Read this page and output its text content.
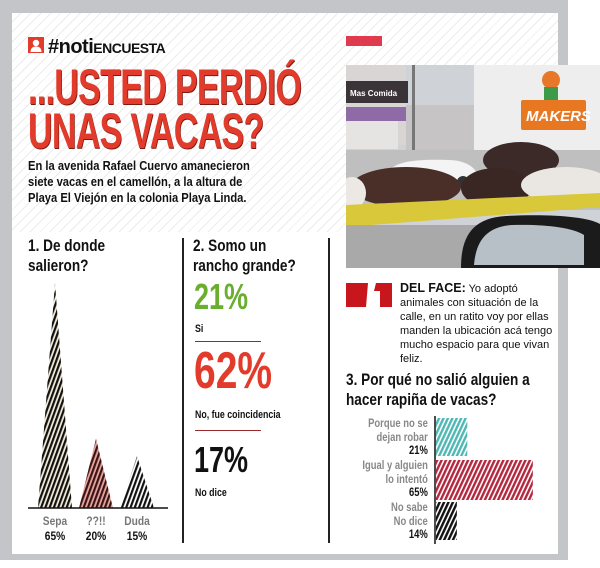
#notiENCUESTA
...USTED PERDIÓ
UNAS VACAS?
En la avenida Rafael Cuervo amanecieron
siete vacas en el camellón, a la altura de
Playa El Viejón en la colonia Playa Linda.
Mas Comida
MAKERS
1. De donde salieron?
Sepa
65%
??!!
20%
Duda
15%
2. Somo un rancho grande?
21%
Si
62%
No, fue coincidencia
17%
No dice
DEL FACE: Yo adoptó animales con situación de la calle, en un ratito voy por ellas manden la ubicación acá tengo mucho espacio para que vivan feliz.
3. Por qué no salió alguien a hacer rapiña de vacas?
Porque no se
dejan robar
21%
Igual y alguien
lo intentó
65%
No sabe
No dice
14%
